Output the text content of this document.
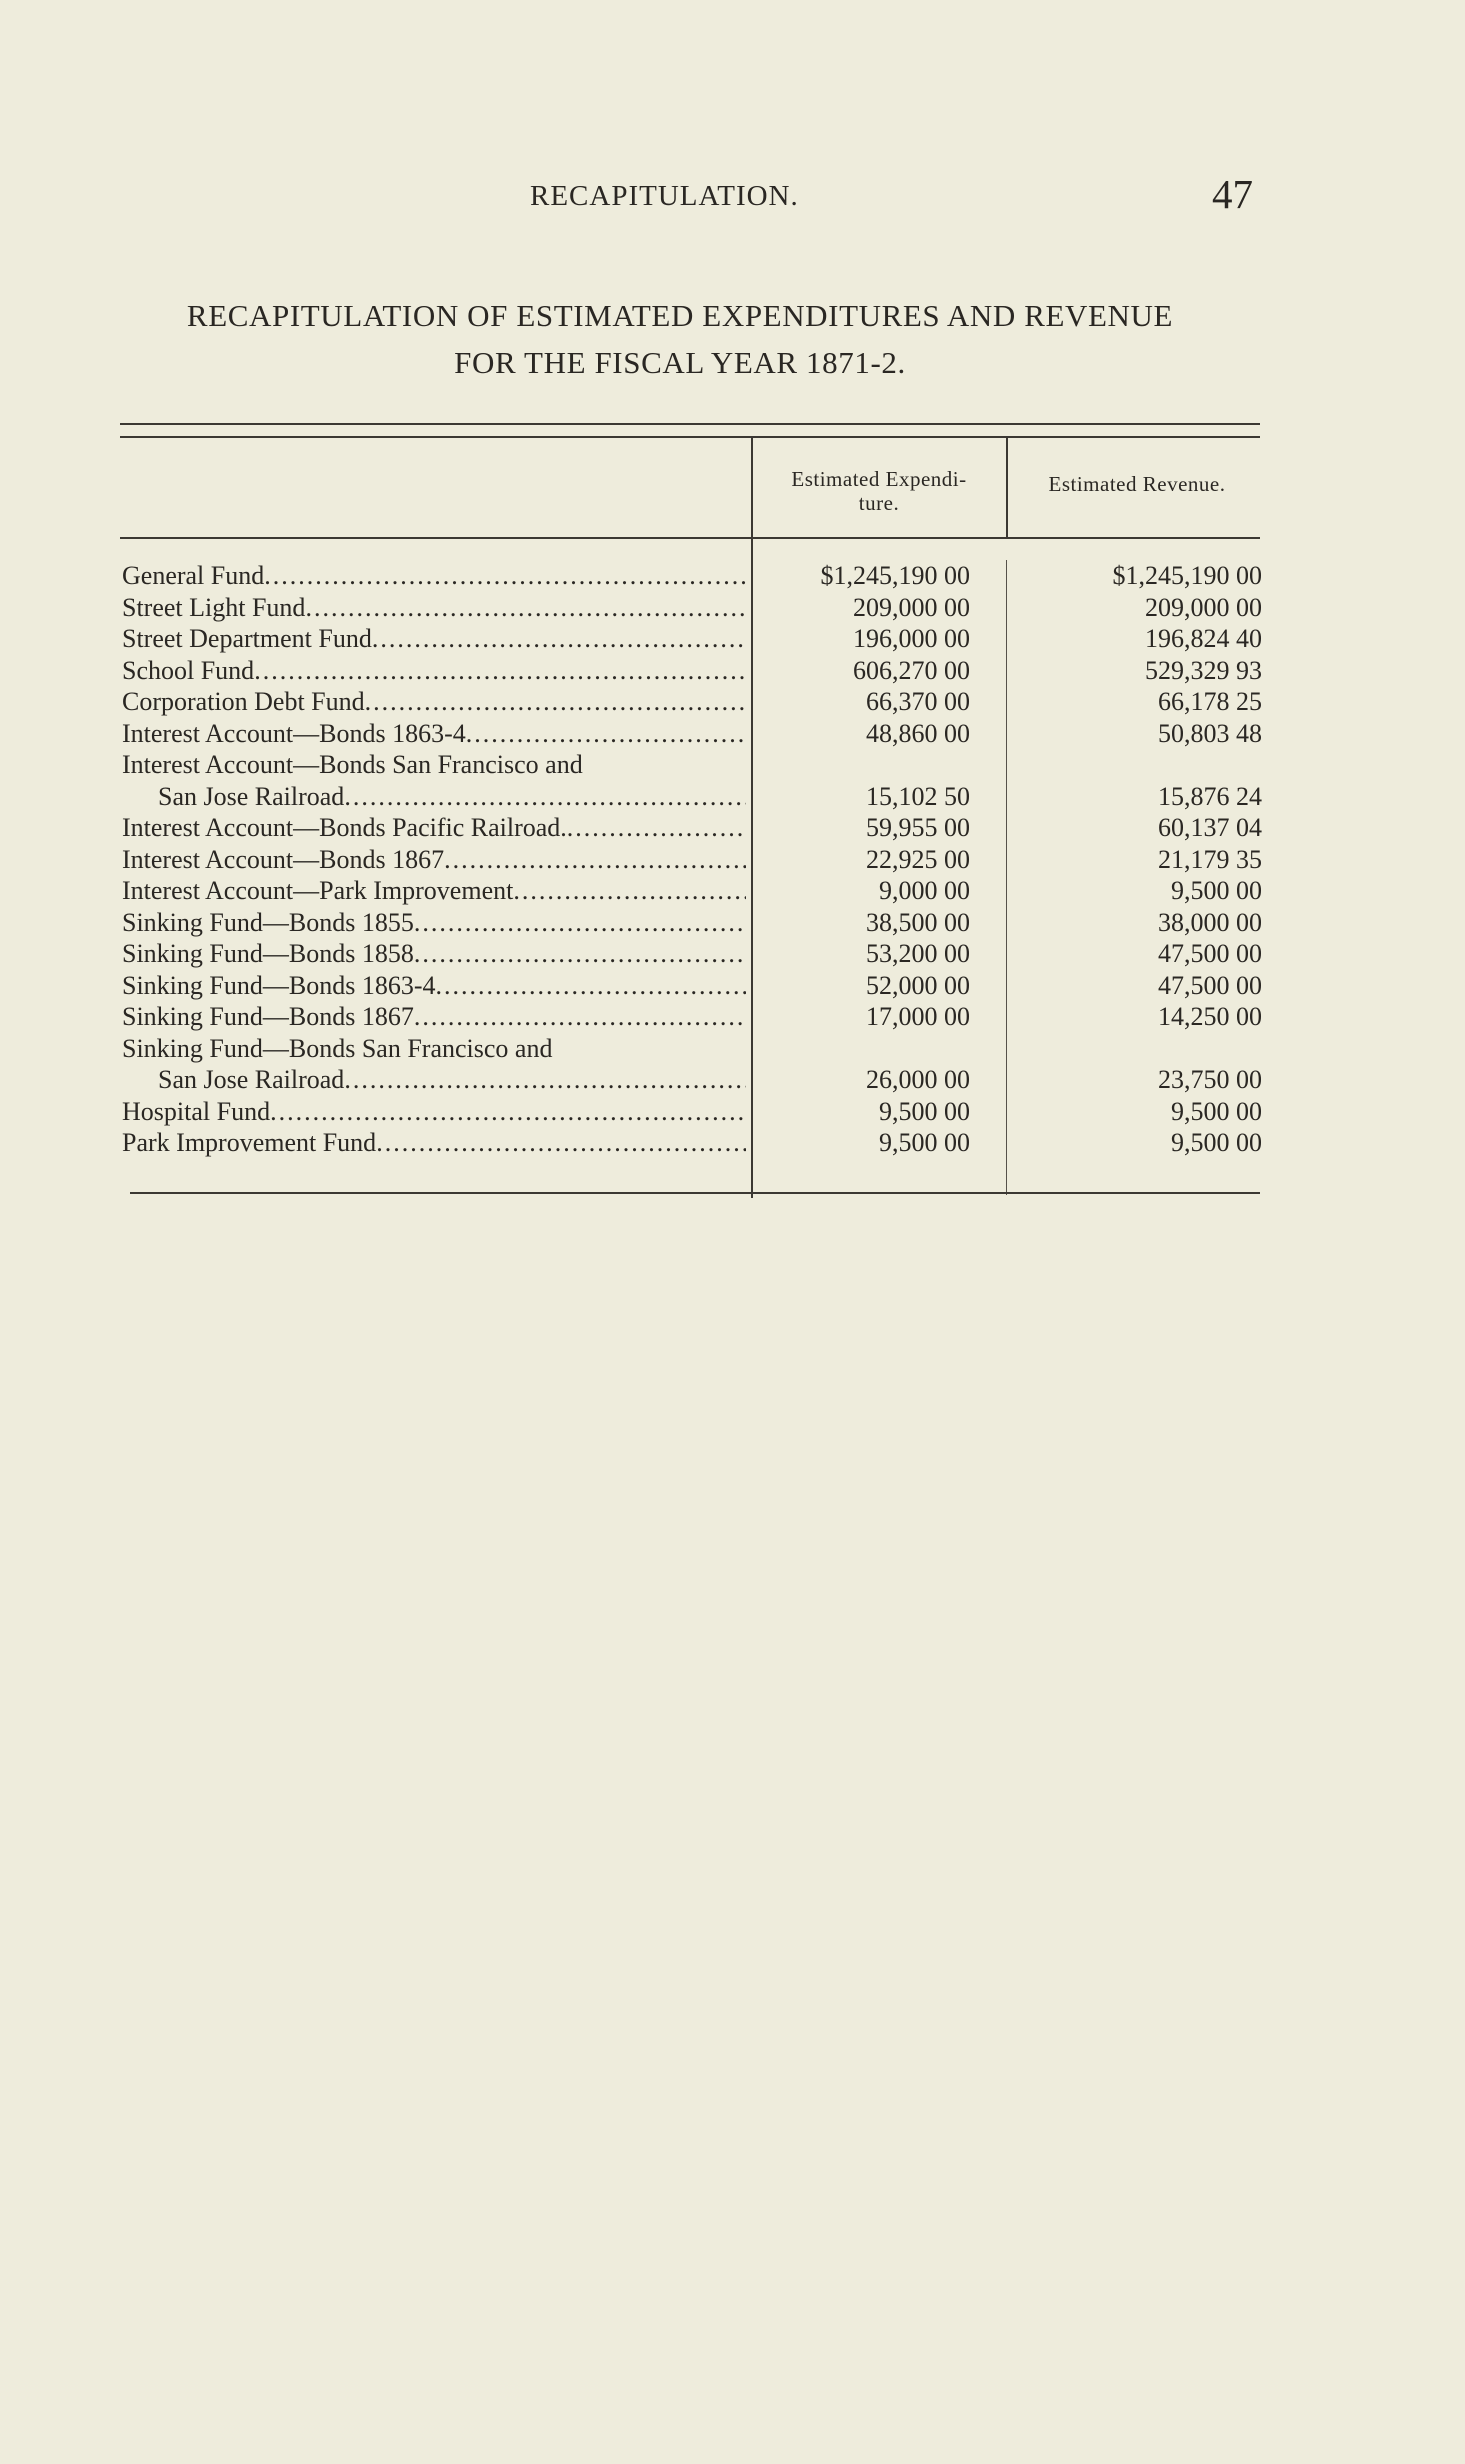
RECAPITULATION.	47
RECAPITULATION OF ESTIMATED EXPENDITURES AND REVENUE
FOR THE FISCAL YEAR 1871-2.
Estimated Expendi-
ture.
Estimated Revenue.
General Fund .....	$1,245,190 00	$1,245,190 00
Street Light Fund .....	209,000 00	209,000 00
Street Department Fund .....	196,000 00	196,824 40
School Fund .....	606,270 00	529,329 93
Corporation Debt Fund .....	66,370 00	66,178 25
Interest Account—Bonds 1863-4 .....	48,860 00	50,803 48
Interest Account—Bonds San Francisco and
San Jose Railroad .....	15,102 50	15,876 24
Interest Account—Bonds Pacific Railroad. .....	59,955 00	60,137 04
Interest Account—Bonds 1867 .....	22,925 00	21,179 35
Interest Account—Park Improvement .....	9,000 00	9,500 00
Sinking Fund—Bonds 1855 .....	38,500 00	38,000 00
Sinking Fund—Bonds 1858 .....	53,200 00	47,500 00
Sinking Fund—Bonds 1863-4 .....	52,000 00	47,500 00
Sinking Fund—Bonds 1867 .....	17,000 00	14,250 00
Sinking Fund—Bonds San Francisco and
San Jose Railroad .....	26,000 00	23,750 00
Hospital Fund .....	9,500 00	9,500 00
Park Improvement Fund .....	9,500 00	9,500 00
